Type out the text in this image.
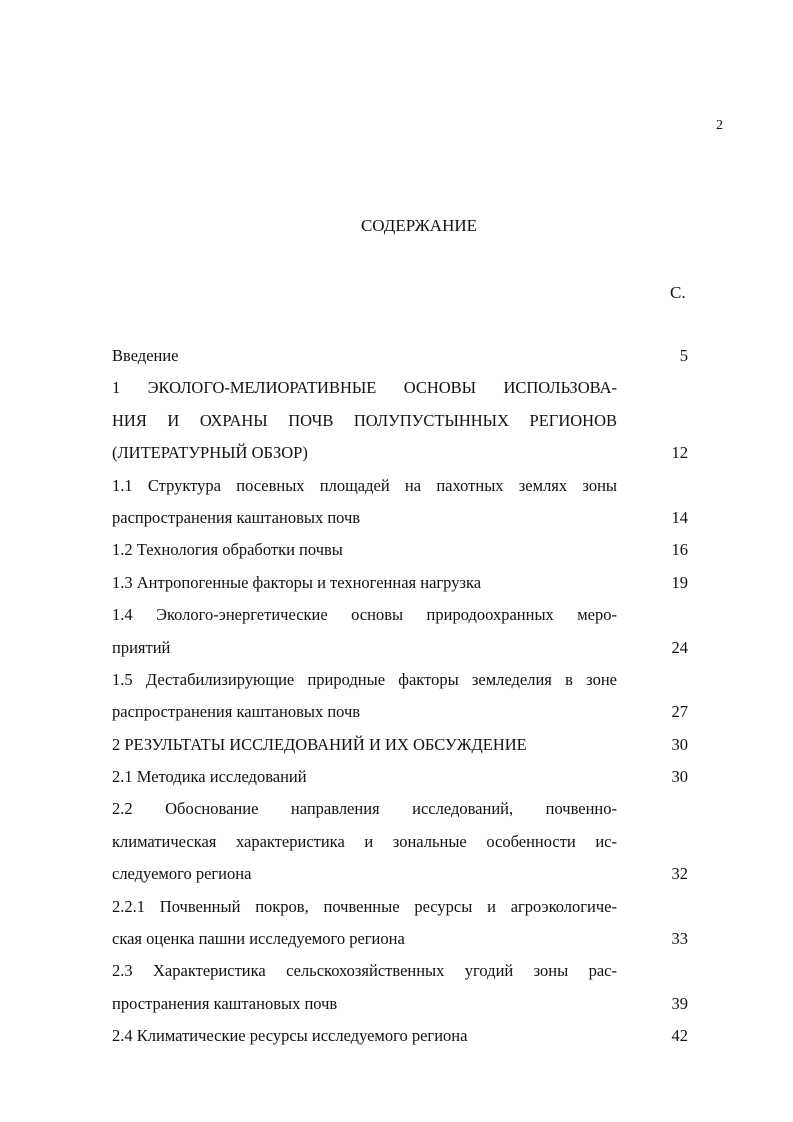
2
СОДЕРЖАНИЕ
С.
Введение	5
1 ЭКОЛОГО-МЕЛИОРАТИВНЫЕ ОСНОВЫ ИСПОЛЬЗОВА-
НИЯ И ОХРАНЫ ПОЧВ ПОЛУПУСТЫННЫХ РЕГИОНОВ
(ЛИТЕРАТУРНЫЙ ОБЗОР)	12
1.1 Структура посевных площадей на пахотных землях зоны
распространения каштановых почв	14
1.2 Технология обработки почвы	16
1.3 Антропогенные факторы и техногенная нагрузка	19
1.4 Эколого-энергетические основы природоохранных меро-
приятий	24
1.5 Дестабилизирующие природные факторы земледелия в зоне
распространения каштановых почв	27
2 РЕЗУЛЬТАТЫ ИССЛЕДОВАНИЙ И ИХ ОБСУЖДЕНИЕ	30
2.1 Методика исследований	30
2.2 Обоснование направления исследований, почвенно-
климатическая характеристика и зональные особенности ис-
следуемого региона	32
2.2.1 Почвенный покров, почвенные ресурсы и агроэкологиче-
ская оценка пашни исследуемого региона	33
2.3 Характеристика сельскохозяйственных угодий зоны рас-
пространения каштановых почв	39
2.4 Климатические ресурсы исследуемого региона	42
